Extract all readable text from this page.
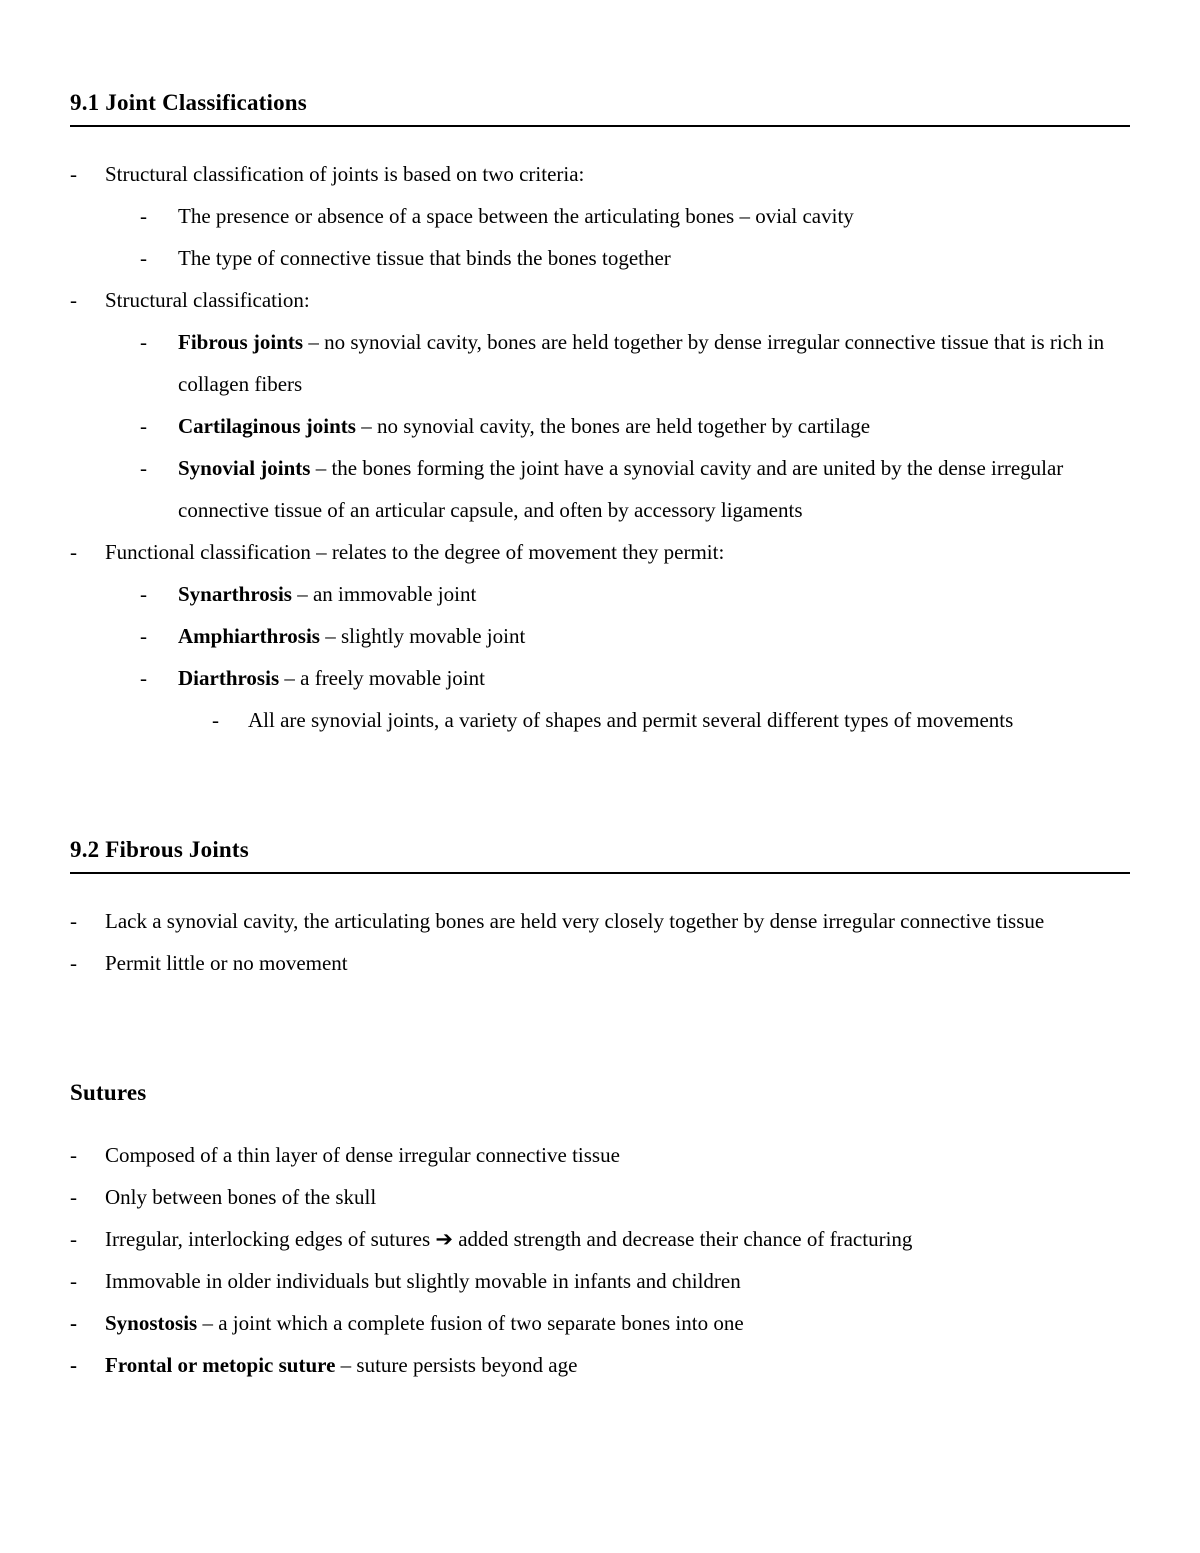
9.1 Joint Classifications
-	Structural classification of joints is based on two criteria:
-	The presence or absence of a space between the articulating bones – ovial cavity
-	The type of connective tissue that binds the bones together
-	Structural classification:
-	Fibrous joints – no synovial cavity, bones are held together by dense irregular connective tissue that is rich in collagen fibers
-	Cartilaginous joints – no synovial cavity, the bones are held together by cartilage
-	Synovial joints – the bones forming the joint have a synovial cavity and are united by the dense irregular connective tissue of an articular capsule, and often by accessory ligaments
-	Functional classification – relates to the degree of movement they permit:
-	Synarthrosis – an immovable joint
-	Amphiarthrosis – slightly movable joint
-	Diarthrosis – a freely movable joint
-	All are synovial joints, a variety of shapes and permit several different types of movements
9.2 Fibrous Joints
-	Lack a synovial cavity, the articulating bones are held very closely together by dense irregular connective tissue
-	Permit little or no movement
Sutures
-	Composed of a thin layer of dense irregular connective tissue
-	Only between bones of the skull
-	Irregular, interlocking edges of sutures ➔ added strength and decrease their chance of fracturing
-	Immovable in older individuals but slightly movable in infants and children
-	Synostosis – a joint which a complete fusion of two separate bones into one
-	Frontal or metopic suture – suture persists beyond age
